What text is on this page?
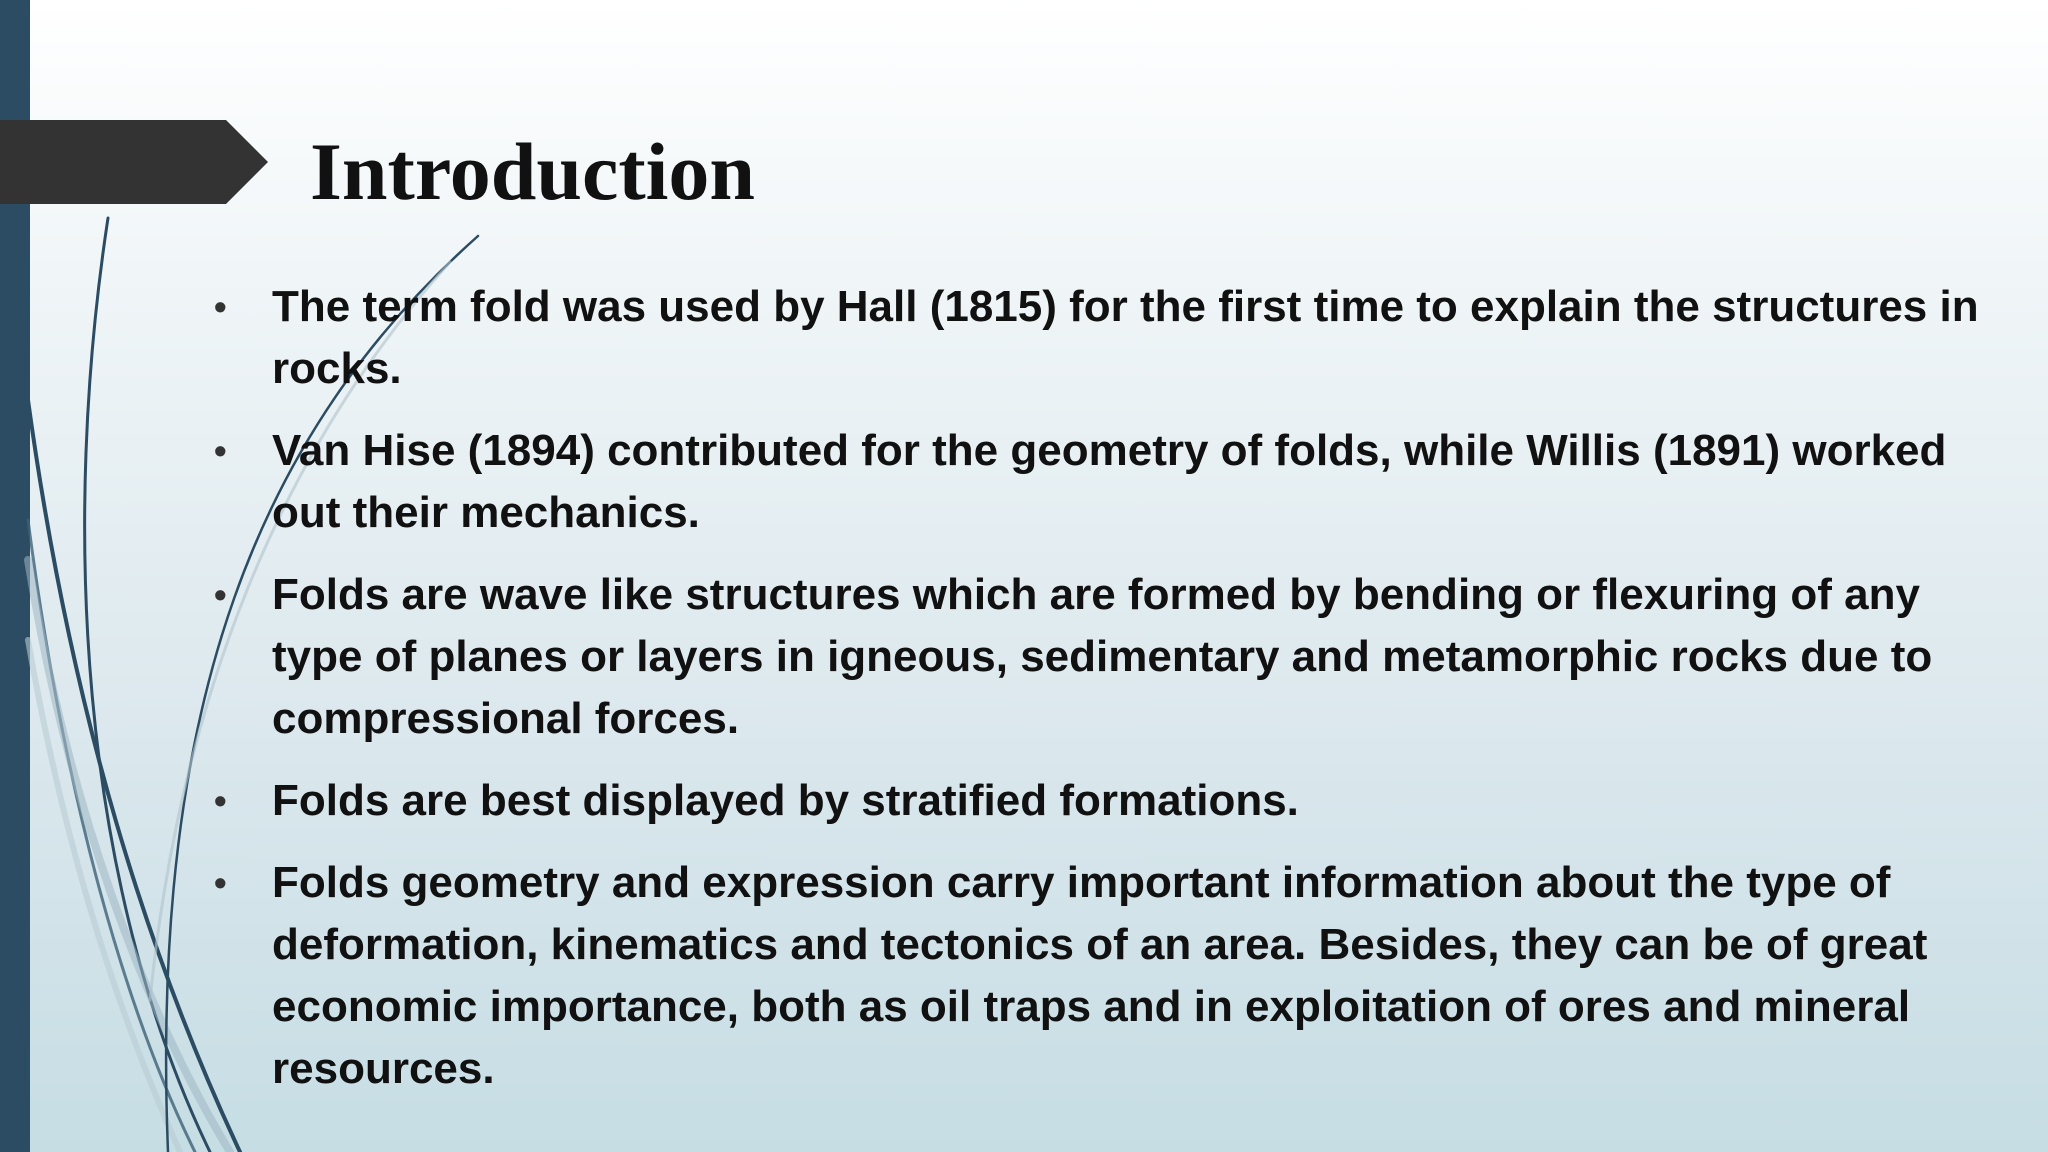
Introduction
• The term fold was used by Hall (1815) for the first time to explain the structures in rocks.
• Van Hise (1894) contributed for the geometry of folds, while Willis (1891) worked out their mechanics.
• Folds are wave like structures which are formed by bending or flexuring of any type of planes or layers in igneous, sedimentary and metamorphic rocks due to compressional forces.
• Folds are best displayed by stratified formations.
• Folds geometry and expression carry important information about the type of deformation, kinematics and tectonics of an area. Besides, they can be of great economic importance, both as oil traps and in exploitation of ores and mineral resources.
